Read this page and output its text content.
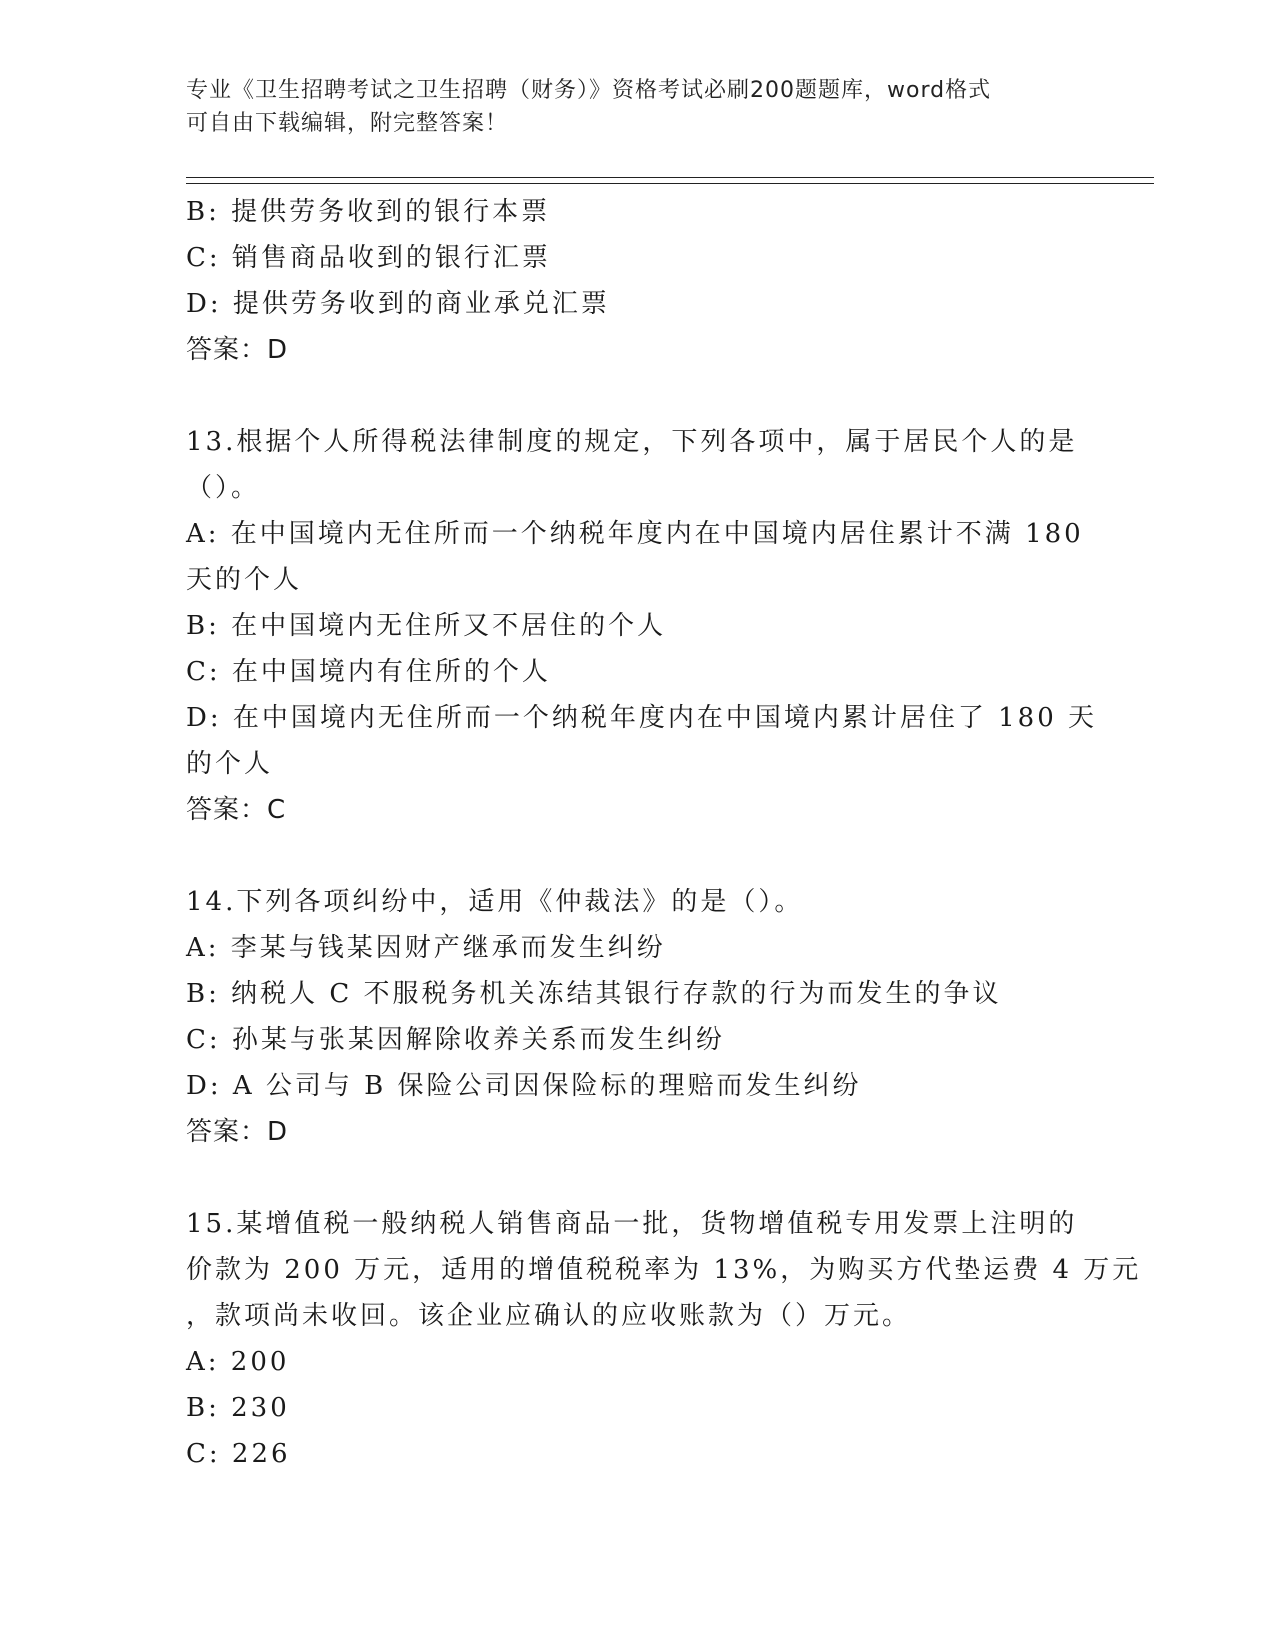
专业《卫生招聘考试之卫生招聘（财务）》资格考试必刷200题题库，word格式
可自由下载编辑，附完整答案！
B: 提供劳务收到的银行本票
C: 销售商品收到的银行汇票
D: 提供劳务收到的商业承兑汇票
答案：D
13.根据个人所得税法律制度的规定，下列各项中，属于居民个人的是
（）。
A: 在中国境内无住所而一个纳税年度内在中国境内居住累计不满 180
天的个人
B: 在中国境内无住所又不居住的个人
C: 在中国境内有住所的个人
D: 在中国境内无住所而一个纳税年度内在中国境内累计居住了 180 天
的个人
答案：C
14.下列各项纠纷中，适用《仲裁法》的是（）。
A: 李某与钱某因财产继承而发生纠纷
B: 纳税人 C 不服税务机关冻结其银行存款的行为而发生的争议
C: 孙某与张某因解除收养关系而发生纠纷
D: A 公司与 B 保险公司因保险标的理赔而发生纠纷
答案：D
15.某增值税一般纳税人销售商品一批，货物增值税专用发票上注明的
价款为 200 万元，适用的增值税税率为 13%，为购买方代垫运费 4 万元
，款项尚未收回。该企业应确认的应收账款为（）万元。
A: 200
B: 230
C: 226
